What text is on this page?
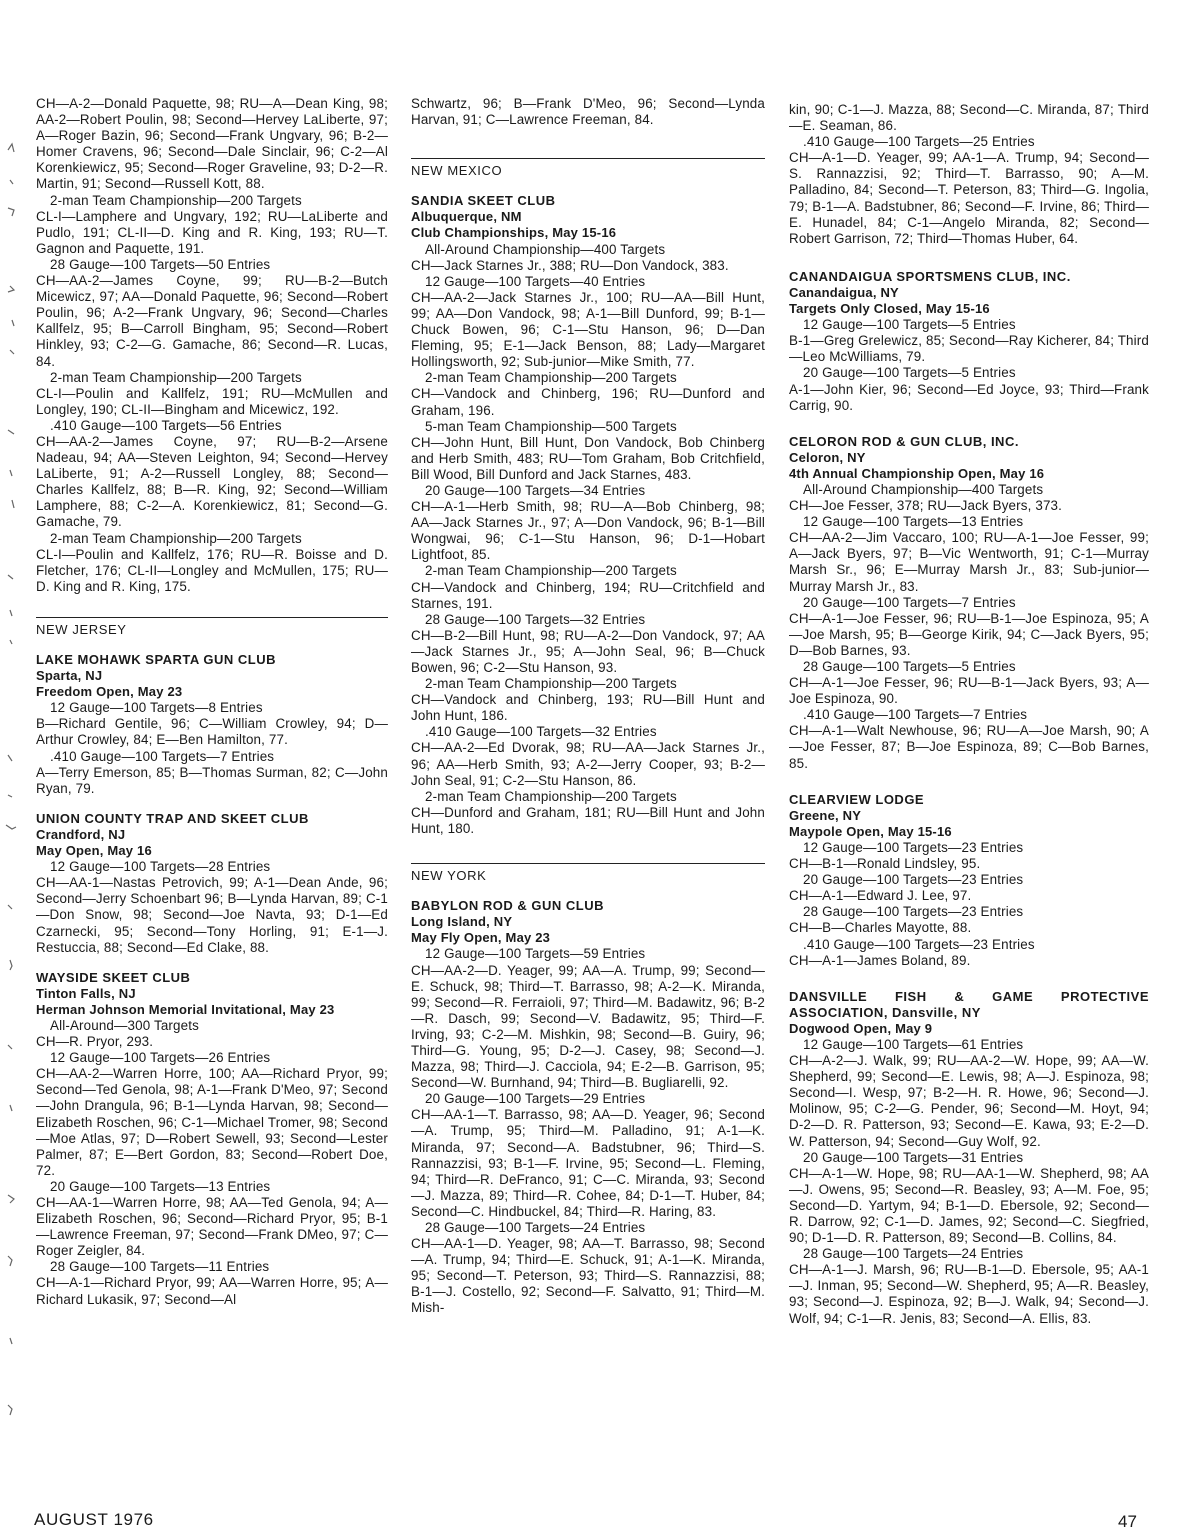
CH—A-2—Donald Paquette, 98; RU—A—Dean King, 98; AA-2—Robert Poulin, 98; Second—Hervey LaLiberte, 97; A—Roger Bazin, 96; Second—Frank Ungvary, 96; B-2—Homer Cravens, 96; Second—Dale Sinclair, 96; C-2—Al Korenkiewicz, 95; Second—Roger Graveline, 93; D-2—R. Martin, 91; Second—Russell Kott, 88.

2-man Team Championship—200 Targets

CL-I—Lamphere and Ungvary, 192; RU—LaLiberte and Pudlo, 191; CL-II—D. King and R. King, 193; RU—T. Gagnon and Paquette, 191.

28 Gauge—100 Targets—50 Entries

CH—AA-2—James Coyne, 99; RU—B-2—Butch Micewicz, 97; AA—Donald Paquette, 96; Second—Robert Poulin, 96; A-2—Frank Ungvary, 96; Second—Charles Kallfelz, 95; B—Carroll Bingham, 95; Second—Robert Hinkley, 93; C-2—G. Gamache, 86; Second—R. Lucas, 84.

2-man Team Championship—200 Targets

CL-I—Poulin and Kallfelz, 191; RU—McMullen and Longley, 190; CL-II—Bingham and Micewicz, 192.

.410 Gauge—100 Targets—56 Entries

CH—AA-2—James Coyne, 97; RU—B-2—Arsene Nadeau, 94; AA—Steven Leighton, 94; Second—Hervey LaLiberte, 91; A-2—Russell Longley, 88; Second—Charles Kallfelz, 88; B—R. King, 92; Second—William Lamphere, 88; C-2—A. Korenkiewicz, 81; Second—G. Gamache, 79.

2-man Team Championship—200 Targets

CL-I—Poulin and Kallfelz, 176; RU—R. Boisse and D. Fletcher, 176; CL-II—Longley and McMullen, 175; RU—D. King and R. King, 175.

NEW JERSEY
LAKE MOHAWK SPARTA GUN CLUB

Sparta, NJ

Freedom Open, May 23

12 Gauge—100 Targets—8 Entries

B—Richard Gentile, 96; C—William Crowley, 94; D—Arthur Crowley, 84; E—Ben Hamilton, 77.

.410 Gauge—100 Targets—7 Entries

A—Terry Emerson, 85; B—Thomas Surman, 82; C—John Ryan, 79.

UNION COUNTY TRAP AND SKEET CLUB

Crandford, NJ

May Open, May 16

12 Gauge—100 Targets—28 Entries

CH—AA-1—Nastas Petrovich, 99; A-1—Dean Ande, 96; Second—Jerry Schoenbart 96; B—Lynda Harvan, 89; C-1—Don Snow, 98; Second—Joe Navta, 93; D-1—Ed Czarnecki, 95; Second—Tony Horling, 91; E-1—J. Restuccia, 88; Second—Ed Clake, 88.

WAYSIDE SKEET CLUB

Tinton Falls, NJ

Herman Johnson Memorial Invitational, May 23

All-Around—300 Targets

CH—R. Pryor, 293.

12 Gauge—100 Targets—26 Entries

CH—AA-2—Warren Horre, 100; AA—Richard Pryor, 99; Second—Ted Genola, 98; A-1—Frank D'Meo, 97; Second—John Drangula, 96; B-1—Lynda Harvan, 98; Second—Elizabeth Roschen, 96; C-1—Michael Tromer, 98; Second—Moe Atlas, 97; D—Robert Sewell, 93; Second—Lester Palmer, 87; E—Bert Gordon, 83; Second—Robert Doe, 72.

20 Gauge—100 Targets—13 Entries

CH—AA-1—Warren Horre, 98; AA—Ted Genola, 94; A—Elizabeth Roschen, 96; Second—Richard Pryor, 95; B-1—Lawrence Freeman, 97; Second—Frank DMeo, 97; C—Roger Zeigler, 84.

28 Gauge—100 Targets—11 Entries

CH—A-1—Richard Pryor, 99; AA—Warren Horre, 95; A—Richard Lukasik, 97; Second—Al

Schwartz, 96; B—Frank D'Meo, 96; Second—Lynda Harvan, 91; C—Lawrence Freeman, 84.

NEW MEXICO
SANDIA SKEET CLUB

Albuquerque, NM

Club Championships, May 15-16

All-Around Championship—400 Targets

CH—Jack Starnes Jr., 388; RU—Don Vandock, 383.

12 Gauge—100 Targets—40 Entries

CH—AA-2—Jack Starnes Jr., 100; RU—AA—Bill Hunt, 99; AA—Don Vandock, 98; A-1—Bill Dunford, 99; B-1—Chuck Bowen, 96; C-1—Stu Hanson, 96; D—Dan Fleming, 95; E-1—Jack Benson, 88; Lady—Margaret Hollingsworth, 92; Sub-junior—Mike Smith, 77.

2-man Team Championship—200 Targets

CH—Vandock and Chinberg, 196; RU—Dunford and Graham, 196.

5-man Team Championship—500 Targets

CH—John Hunt, Bill Hunt, Don Vandock, Bob Chinberg and Herb Smith, 483; RU—Tom Graham, Bob Critchfield, Bill Wood, Bill Dunford and Jack Starnes, 483.

20 Gauge—100 Targets—34 Entries

CH—A-1—Herb Smith, 98; RU—A—Bob Chinberg, 98; AA—Jack Starnes Jr., 97; A—Don Vandock, 96; B-1—Bill Wongwai, 96; C-1—Stu Hanson, 96; D-1—Hobart Lightfoot, 85.

2-man Team Championship—200 Targets

CH—Vandock and Chinberg, 194; RU—Critchfield and Starnes, 191.

28 Gauge—100 Targets—32 Entries

CH—B-2—Bill Hunt, 98; RU—A-2—Don Vandock, 97; AA—Jack Starnes Jr., 95; A—John Seal, 96; B—Chuck Bowen, 96; C-2—Stu Hanson, 93.

2-man Team Championship—200 Targets

CH—Vandock and Chinberg, 193; RU—Bill Hunt and John Hunt, 186.

.410 Gauge—100 Targets—32 Entries

CH—AA-2—Ed Dvorak, 98; RU—AA—Jack Starnes Jr., 96; AA—Herb Smith, 93; A-2—Jerry Cooper, 93; B-2—John Seal, 91; C-2—Stu Hanson, 86.

2-man Team Championship—200 Targets

CH—Dunford and Graham, 181; RU—Bill Hunt and John Hunt, 180.

NEW YORK
BABYLON ROD & GUN CLUB

Long Island, NY

May Fly Open, May 23

12 Gauge—100 Targets—59 Entries

CH—AA-2—D. Yeager, 99; AA—A. Trump, 99; Second—E. Schuck, 98; Third—T. Barrasso, 98; A-2—K. Miranda, 99; Second—R. Ferraioli, 97; Third—M. Badawitz, 96; B-2—R. Dasch, 99; Second—V. Badawitz, 95; Third—F. Irving, 93; C-2—M. Mishkin, 98; Second—B. Guiry, 96; Third—G. Young, 95; D-2—J. Casey, 98; Second—J. Mazza, 98; Third—J. Cacciola, 94; E-2—B. Garrison, 95; Second—W. Burnhand, 94; Third—B. Bugliarelli, 92.

20 Gauge—100 Targets—29 Entries

CH—AA-1—T. Barrasso, 98; AA—D. Yeager, 96; Second—A. Trump, 95; Third—M. Palladino, 91; A-1—K. Miranda, 97; Second—A. Badstubner, 96; Third—S. Rannazzisi, 93; B-1—F. Irvine, 95; Second—L. Fleming, 94; Third—R. DeFranco, 91; C—C. Miranda, 93; Second—J. Mazza, 89; Third—R. Cohee, 84; D-1—T. Huber, 84; Second—C. Hindbuckel, 84; Third—R. Haring, 83.

28 Gauge—100 Targets—24 Entries

CH—AA-1—D. Yeager, 98; AA—T. Barrasso, 98; Second—A. Trump, 94; Third—E. Schuck, 91; A-1—K. Miranda, 95; Second—T. Peterson, 93; Third—S. Rannazzisi, 88; B-1—J. Costello, 92; Second—F. Salvatto, 91; Third—M. Mish-

kin, 90; C-1—J. Mazza, 88; Second—C. Miranda, 87; Third—E. Seaman, 86.

.410 Gauge—100 Targets—25 Entries

CH—A-1—D. Yeager, 99; AA-1—A. Trump, 94; Second—S. Rannazzisi, 92; Third—T. Barrasso, 90; A—M. Palladino, 84; Second—T. Peterson, 83; Third—G. Ingolia, 79; B-1—A. Badstubner, 86; Second—F. Irvine, 86; Third—E. Hunadel, 84; C-1—Angelo Miranda, 82; Second—Robert Garrison, 72; Third—Thomas Huber, 64.

CANANDAIGUA SPORTSMENS CLUB, INC.

Canandaigua, NY

Targets Only Closed, May 15-16

12 Gauge—100 Targets—5 Entries

B-1—Greg Grelewicz, 85; Second—Ray Kicherer, 84; Third—Leo McWilliams, 79.

20 Gauge—100 Targets—5 Entries

A-1—John Kier, 96; Second—Ed Joyce, 93; Third—Frank Carrig, 90.

CELORON ROD & GUN CLUB, INC.

Celoron, NY

4th Annual Championship Open, May 16

All-Around Championship—400 Targets

CH—Joe Fesser, 378; RU—Jack Byers, 373.

12 Gauge—100 Targets—13 Entries

CH—AA-2—Jim Vaccaro, 100; RU—A-1—Joe Fesser, 99; A—Jack Byers, 97; B—Vic Wentworth, 91; C-1—Murray Marsh Sr., 96; E—Murray Marsh Jr., 83; Sub-junior—Murray Marsh Jr., 83.

20 Gauge—100 Targets—7 Entries

CH—A-1—Joe Fesser, 96; RU—B-1—Joe Espinoza, 95; A—Joe Marsh, 95; B—George Kirik, 94; C—Jack Byers, 95; D—Bob Barnes, 93.

28 Gauge—100 Targets—5 Entries

CH—A-1—Joe Fesser, 96; RU—B-1—Jack Byers, 93; A—Joe Espinoza, 90.

.410 Gauge—100 Targets—7 Entries

CH—A-1—Walt Newhouse, 96; RU—A—Joe Marsh, 90; A—Joe Fesser, 87; B—Joe Espinoza, 89; C—Bob Barnes, 85.

CLEARVIEW LODGE

Greene, NY

Maypole Open, May 15-16

12 Gauge—100 Targets—23 Entries

CH—B-1—Ronald Lindsley, 95.

20 Gauge—100 Targets—23 Entries

CH—A-1—Edward J. Lee, 97.

28 Gauge—100 Targets—23 Entries

CH—B—Charles Mayotte, 88.

.410 Gauge—100 Targets—23 Entries

CH—A-1—James Boland, 89.

DANSVILLE FISH & GAME PROTECTIVE ASSOCIATION, Dansville, NY

Dogwood Open, May 9

12 Gauge—100 Targets—61 Entries

CH—A-2—J. Walk, 99; RU—AA-2—W. Hope, 99; AA—W. Shepherd, 99; Second—E. Lewis, 98; A—J. Espinoza, 98; Second—I. Wesp, 97; B-2—H. R. Howe, 96; Second—J. Molinow, 95; C-2—G. Pender, 96; Second—M. Hoyt, 94; D-2—D. R. Patterson, 93; Second—E. Kawa, 93; E-2—D. W. Patterson, 94; Second—Guy Wolf, 92.

20 Gauge—100 Targets—31 Entries

CH—A-1—W. Hope, 98; RU—AA-1—W. Shepherd, 98; AA—J. Owens, 95; Second—R. Beasley, 93; A—M. Foe, 95; Second—D. Yartym, 94; B-1—D. Ebersole, 92; Second—R. Darrow, 92; C-1—D. James, 92; Second—C. Siegfried, 90; D-1—D. R. Patterson, 89; Second—B. Collins, 84.

28 Gauge—100 Targets—24 Entries

CH—A-1—J. Marsh, 96; RU—B-1—D. Ebersole, 95; AA-1—J. Inman, 95; Second—W. Shepherd, 95; A—R. Beasley, 93; Second—J. Espinoza, 92; B—J. Walk, 94; Second—J. Wolf, 94; C-1—R. Jenis, 83; Second—A. Ellis, 83.

AUGUST 1976	47
